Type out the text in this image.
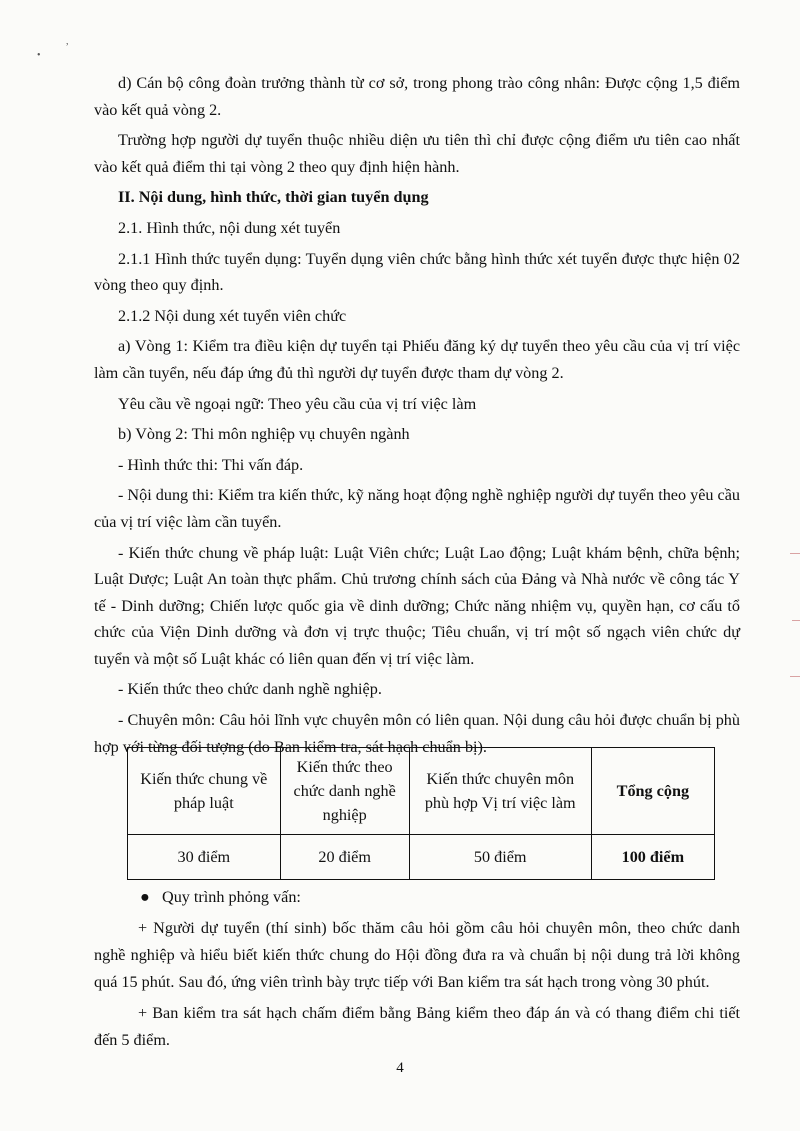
•
,

d) Cán bộ công đoàn trưởng thành từ cơ sở, trong phong trào công nhân: Được cộng 1,5 điểm vào kết quả vòng 2.

Trường hợp người dự tuyển thuộc nhiều diện ưu tiên thì chỉ được cộng điểm ưu tiên cao nhất vào kết quả điểm thi tại vòng 2 theo quy định hiện hành.

II. Nội dung, hình thức, thời gian tuyển dụng

2.1. Hình thức, nội dung xét tuyển

2.1.1 Hình thức tuyển dụng: Tuyển dụng viên chức bằng hình thức xét tuyển được thực hiện 02 vòng theo quy định.

2.1.2 Nội dung xét tuyển viên chức

a) Vòng 1: Kiểm tra điều kiện dự tuyển tại Phiếu đăng ký dự tuyển theo yêu cầu của vị trí việc làm cần tuyển, nếu đáp ứng đủ thì người dự tuyển được tham dự vòng 2.

Yêu cầu về ngoại ngữ: Theo yêu cầu của vị trí việc làm

b) Vòng 2: Thi môn nghiệp vụ chuyên ngành

- Hình thức thi: Thi vấn đáp.

- Nội dung thi: Kiểm tra kiến thức, kỹ năng hoạt động nghề nghiệp người dự tuyển theo yêu cầu của vị trí việc làm cần tuyển.

- Kiến thức chung về pháp luật: Luật Viên chức; Luật Lao động; Luật khám bệnh, chữa bệnh; Luật Dược; Luật An toàn thực phẩm. Chủ trương chính sách của Đảng và Nhà nước về công tác Y tế - Dinh dưỡng; Chiến lược quốc gia về dinh dưỡng; Chức năng nhiệm vụ, quyền hạn, cơ cấu tổ chức của Viện Dinh dưỡng và đơn vị trực thuộc; Tiêu chuẩn, vị trí một số ngạch viên chức dự tuyển và một số Luật khác có liên quan đến vị trí việc làm.

- Kiến thức theo chức danh nghề nghiệp.

- Chuyên môn: Câu hỏi lĩnh vực chuyên môn có liên quan. Nội dung câu hỏi được chuẩn bị phù hợp với từng đối tượng (do Ban kiểm tra, sát hạch chuẩn bị).

Kiến thức chung về pháp luật	Kiến thức theo chức danh nghề nghiệp	Kiến thức chuyên môn phù hợp Vị trí việc làm	Tổng cộng
30 điểm	20 điểm	50 điểm	100 điểm

● Quy trình phỏng vấn:

+ Người dự tuyển (thí sinh) bốc thăm câu hỏi gồm câu hỏi chuyên môn, theo chức danh nghề nghiệp và hiểu biết kiến thức chung do Hội đồng đưa ra và chuẩn bị nội dung trả lời không quá 15 phút. Sau đó, ứng viên trình bày trực tiếp với Ban kiểm tra sát hạch trong vòng 30 phút.

+ Ban kiểm tra sát hạch chấm điểm bằng Bảng kiểm theo đáp án và có thang điểm chi tiết đến 5 điểm.

4
